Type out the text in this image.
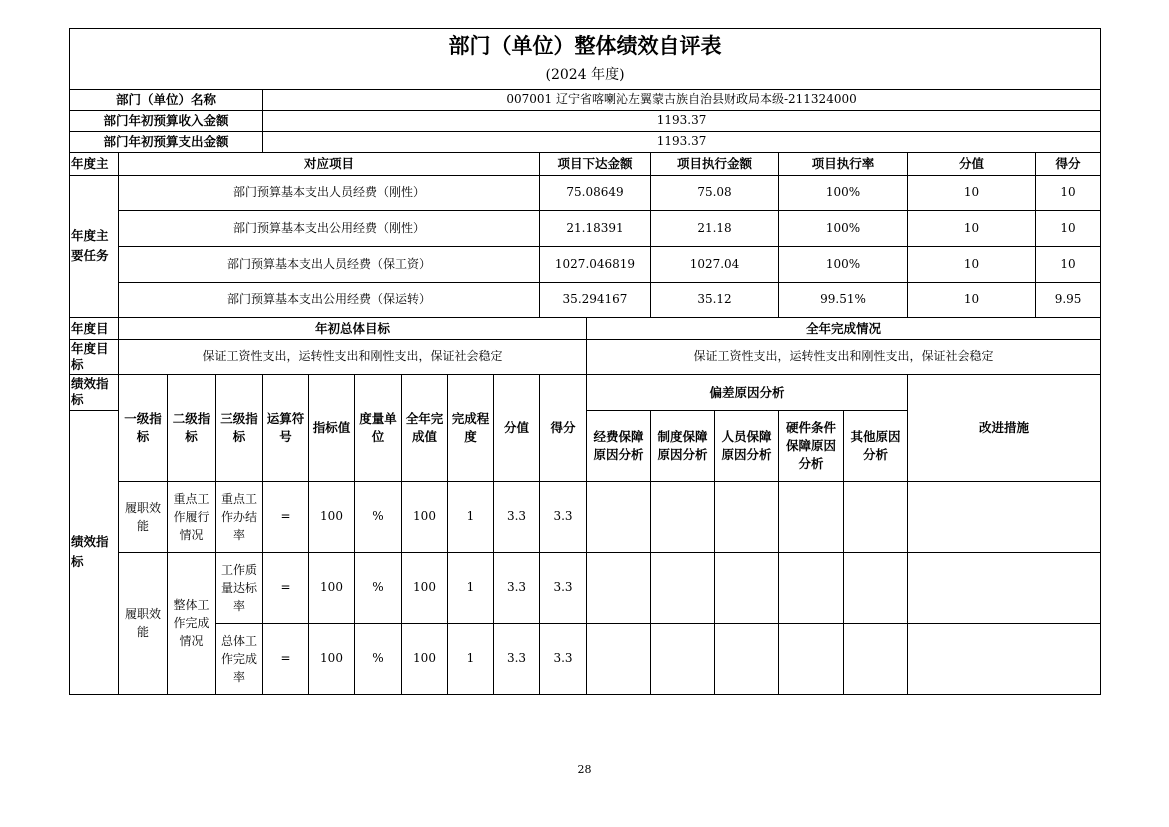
部门（单位）整体绩效自评表																	

(2024 年度)																	

部门（单位）名称				007001 辽宁省喀喇沁左翼蒙古族自治县财政局本级-211324000													
部门年初预算收入金额				1193.37													
部门年初预算支出金额				1193.37													
年度主	对应项目									项目下达金额		项目执行金额		项目执行率		分值	得分
年度主要任务	部门预算基本支出人员经费（刚性）									75.08649		75.08		100%		10	10
	部门预算基本支出公用经费（刚性）									21.18391		21.18		100%		10	10
	部门预算基本支出人员经费（保工资）									1027.046819		1027.04		100%		10	10
	部门预算基本支出公用经费（保运转）									35.294167		35.12		99.51%		10	9.95
年度目	年初总体目标										全年完成情况						
年度目标	保证工资性支出，运转性支出和刚性支出，保证社会稳定										保证工资性支出，运转性支出和刚性支出，保证社会稳定						
绩效指标	一级指标	二级指标	三级指标	运算符号	指标值	度量单位	全年完成值	完成程度	分值	得分	偏差原因分析					改进措施	
绩效指标											经费保障原因分析	制度保障原因分析	人员保障原因分析	硬件条件保障原因分析	其他原因分析		
	履职效能	重点工作履行情况	重点工作办结率	=	100	%	100	1	3.3	3.3							
	履职效能	整体工作完成情况	工作质量达标率	=	100	%	100	1	3.3	3.3							
			总体工作完成率	=	100	%	100	1	3.3	3.3							
28
